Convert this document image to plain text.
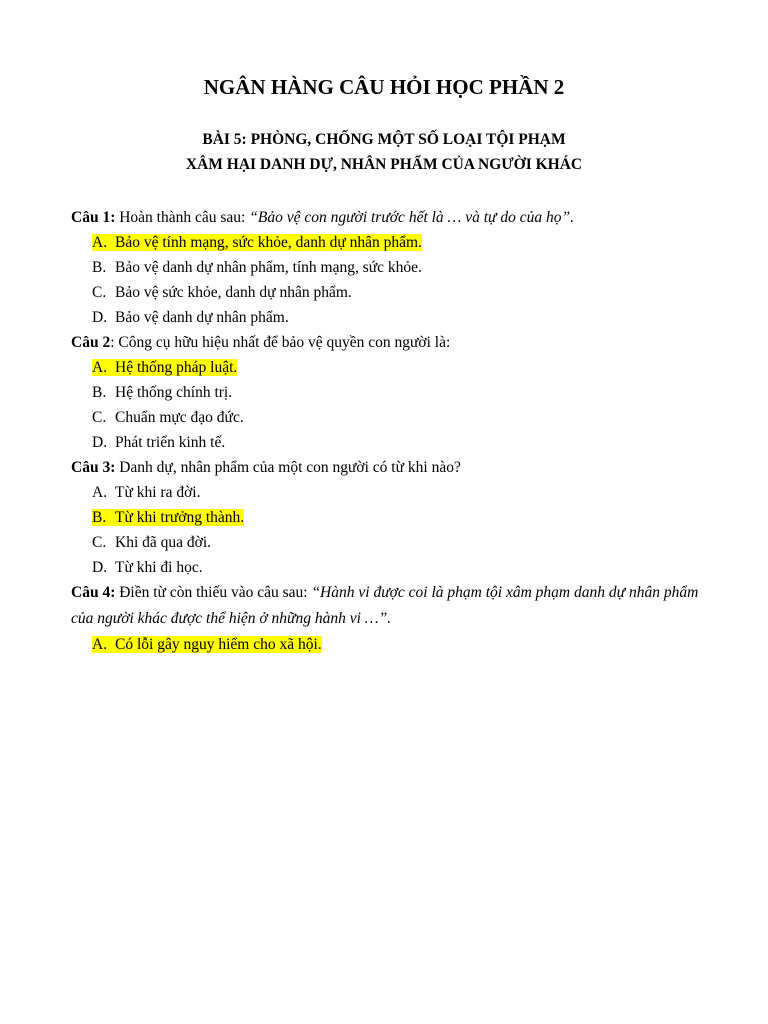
NGÂN HÀNG CÂU HỎI HỌC PHẦN 2

BÀI 5: PHÒNG, CHỐNG MỘT SỐ LOẠI TỘI PHẠM

XÂM HẠI DANH DỰ, NHÂN PHẨM CỦA NGƯỜI KHÁC

Câu 1: Hoàn thành câu sau: “Bảo vệ con người trước hết là … và tự do của họ”.
A. Bảo vệ tính mạng, sức khỏe, danh dự nhân phẩm.
B. Bảo vệ danh dự nhân phẩm, tính mạng, sức khỏe.
C. Bảo vệ sức khỏe, danh dự nhân phẩm.
D. Bảo vệ danh dự nhân phẩm.
Câu 2: Công cụ hữu hiệu nhất để bảo vệ quyền con người là:
A. Hệ thống pháp luật.
B. Hệ thống chính trị.
C. Chuẩn mực đạo đức.
D. Phát triển kinh tế.
Câu 3: Danh dự, nhân phẩm của một con người có từ khi nào?
A. Từ khi ra đời.
B. Từ khi trưởng thành.
C. Khi đã qua đời.
D. Từ khi đi học.
Câu 4: Điền từ còn thiếu vào câu sau: “Hành vi được coi là phạm tội xâm phạm danh dự nhân phẩm của người khác được thể hiện ở những hành vi …”.
A. Có lỗi gây nguy hiểm cho xã hội.
